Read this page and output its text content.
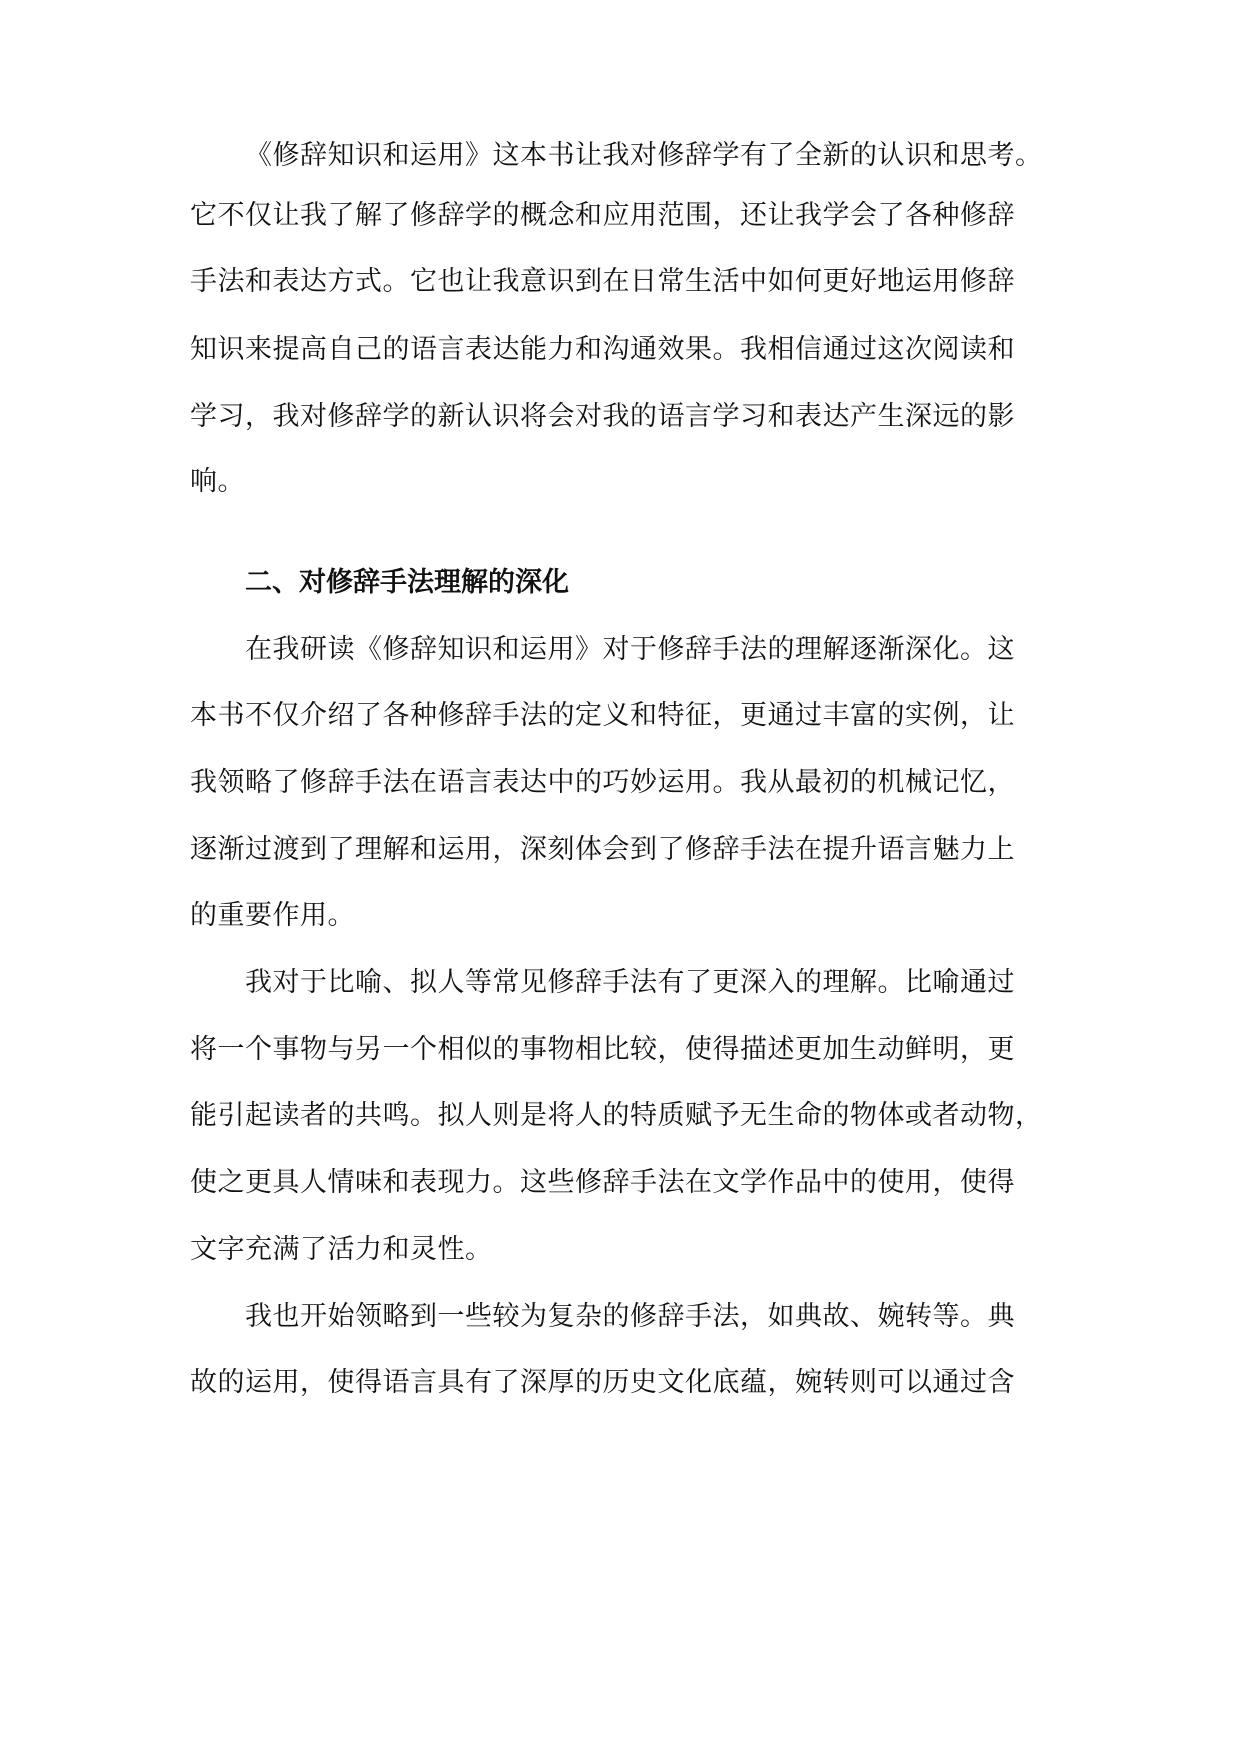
《修辞知识和运用》这本书让我对修辞学有了全新的认识和思考。
它不仅让我了解了修辞学的概念和应用范围，还让我学会了各种修辞
手法和表达方式。它也让我意识到在日常生活中如何更好地运用修辞
知识来提高自己的语言表达能力和沟通效果。我相信通过这次阅读和
学习，我对修辞学的新认识将会对我的语言学习和表达产生深远的影
响。
二、对修辞手法理解的深化
在我研读《修辞知识和运用》对于修辞手法的理解逐渐深化。这
本书不仅介绍了各种修辞手法的定义和特征，更通过丰富的实例，让
我领略了修辞手法在语言表达中的巧妙运用。我从最初的机械记忆，
逐渐过渡到了理解和运用，深刻体会到了修辞手法在提升语言魅力上
的重要作用。
我对于比喻、拟人等常见修辞手法有了更深入的理解。比喻通过
将一个事物与另一个相似的事物相比较，使得描述更加生动鲜明，更
能引起读者的共鸣。拟人则是将人的特质赋予无生命的物体或者动物，
使之更具人情味和表现力。这些修辞手法在文学作品中的使用，使得
文字充满了活力和灵性。
我也开始领略到一些较为复杂的修辞手法，如典故、婉转等。典
故的运用，使得语言具有了深厚的历史文化底蕴，婉转则可以通过含
